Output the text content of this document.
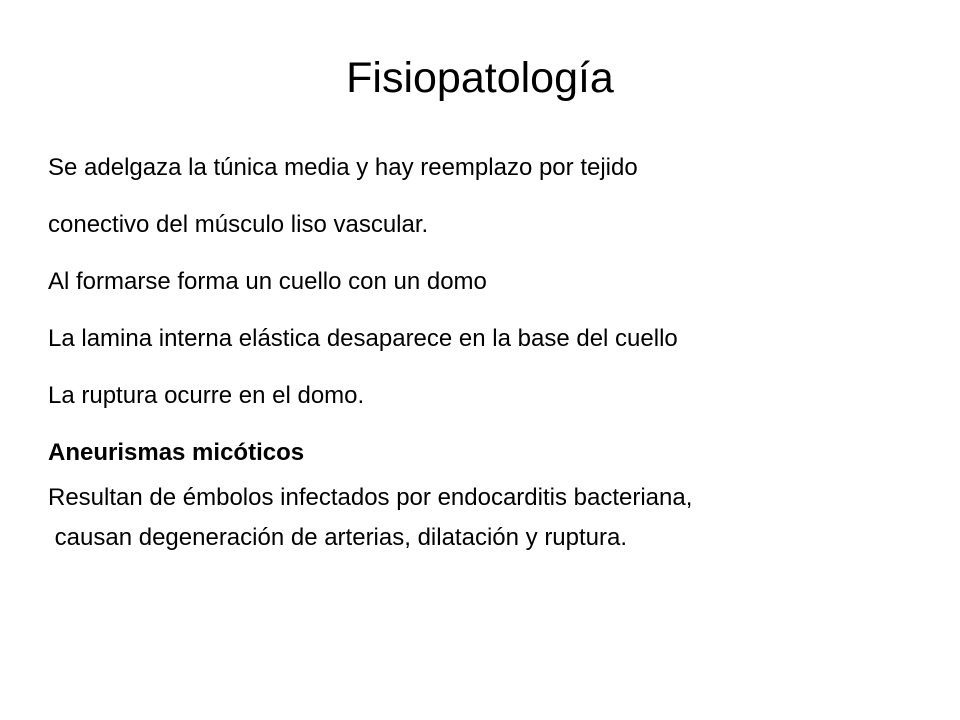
Fisiopatología
Se adelgaza la túnica media y hay reemplazo por tejido
conectivo del músculo liso vascular.
Al formarse forma un cuello con un domo
La lamina interna elástica desaparece en la base del cuello
La ruptura ocurre en el domo.
Aneurismas micóticos
Resultan de émbolos infectados por endocarditis bacteriana,
causan degeneración de arterias, dilatación y ruptura.
